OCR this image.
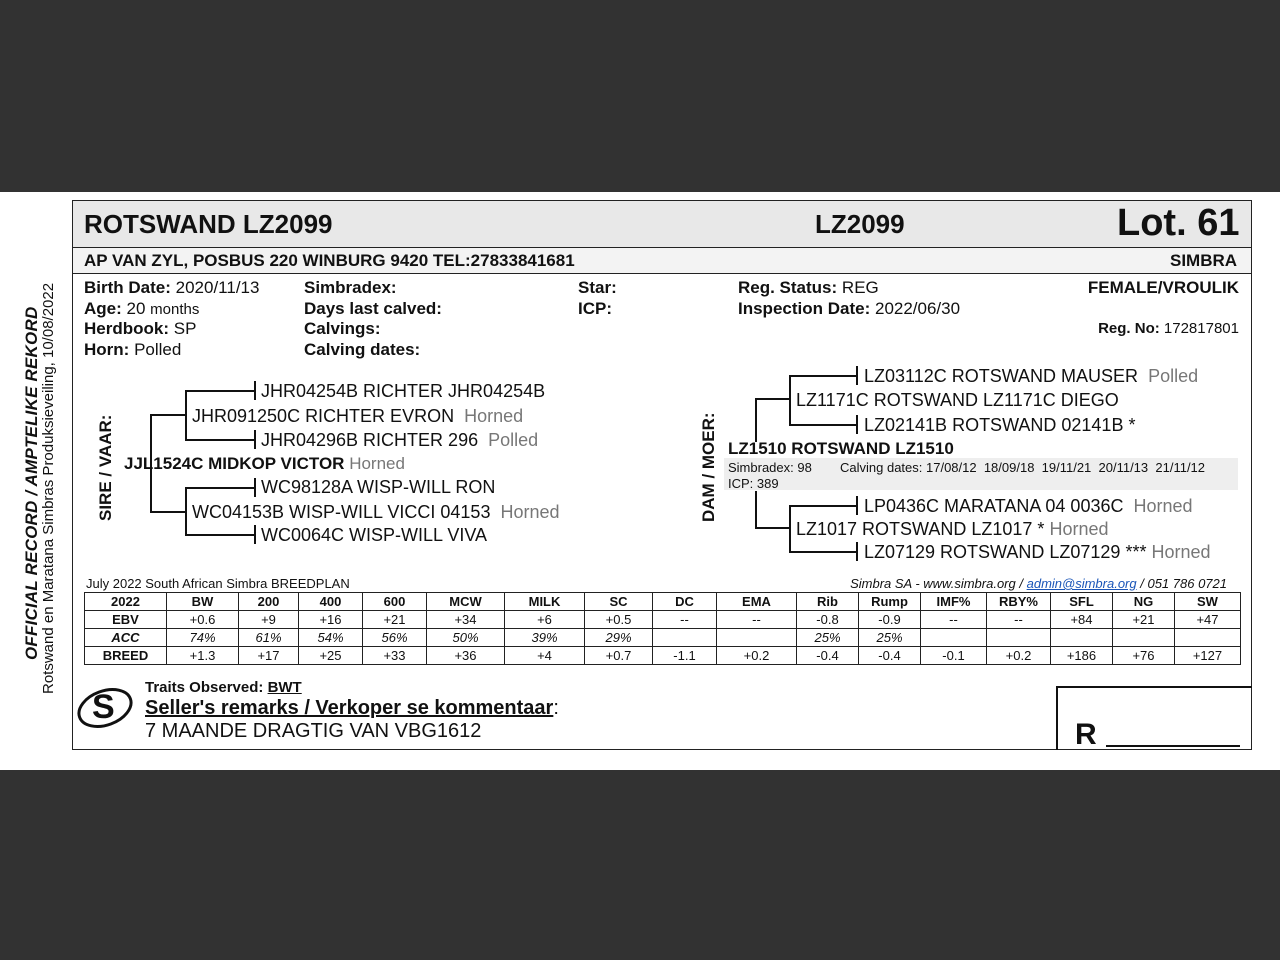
OFFICIAL RECORD / AMPTELIKE REKORD Rotswand en Maratana Simbras Produksieveiling, 10/08/2022
ROTSWAND LZ2099	LZ2099	Lot. 61
AP VAN ZYL, POSBUS 220 WINBURG 9420 TEL:27833841681	SIMBRA
Birth Date: 2020/11/13
Age: 20 months
Herdbook: SP
Horn: Polled
Simbradex:
Days last calved:
Calvings:
Calving dates:
Star:
ICP:
Reg. Status: REG
Inspection Date: 2022/06/30
FEMALE/VROULIK
Reg. No: 172817801
SIRE / VAAR:
JHR04254B RICHTER JHR04254B
JHR091250C RICHTER EVRON Horned
JHR04296B RICHTER 296 Polled
JJL1524C MIDKOP VICTOR Horned
WC98128A WISP-WILL RON
WC04153B WISP-WILL VICCI 04153 Horned
WC0064C WISP-WILL VIVA
DAM / MOER:
LZ03112C ROTSWAND MAUSER Polled
LZ1171C ROTSWAND LZ1171C DIEGO
LZ02141B ROTSWAND 02141B *
LZ1510 ROTSWAND LZ1510
Simbradex: 98 Calving dates: 17/08/12  18/09/18  19/11/21  20/11/13  21/11/12
ICP: 389
LP0436C MARATANA 04 0036C Horned
LZ1017 ROTSWAND LZ1017 * Horned
LZ07129 ROTSWAND LZ07129 *** Horned
July 2022 South African Simbra BREEDPLAN	Simbra SA - www.simbra.org / admin@simbra.org / 051 786 0721
2022	BW	200	400	600	MCW	MILK	SC	DC	EMA	Rib	Rump	IMF%	RBY%	SFL	NG	SW
EBV	+0.6	+9	+16	+21	+34	+6	+0.5	--	--	-0.8	-0.9	--	--	+84	+21	+47
ACC	74%	61%	54%	56%	50%	39%	29%			25%	25%					
BREED	+1.3	+17	+25	+33	+36	+4	+0.7	-1.1	+0.2	-0.4	-0.4	-0.1	+0.2	+186	+76	+127
S
Traits Observed: BWT
Seller's remarks / Verkoper se kommentaar:
7 MAANDE DRAGTIG VAN VBG1612	R
